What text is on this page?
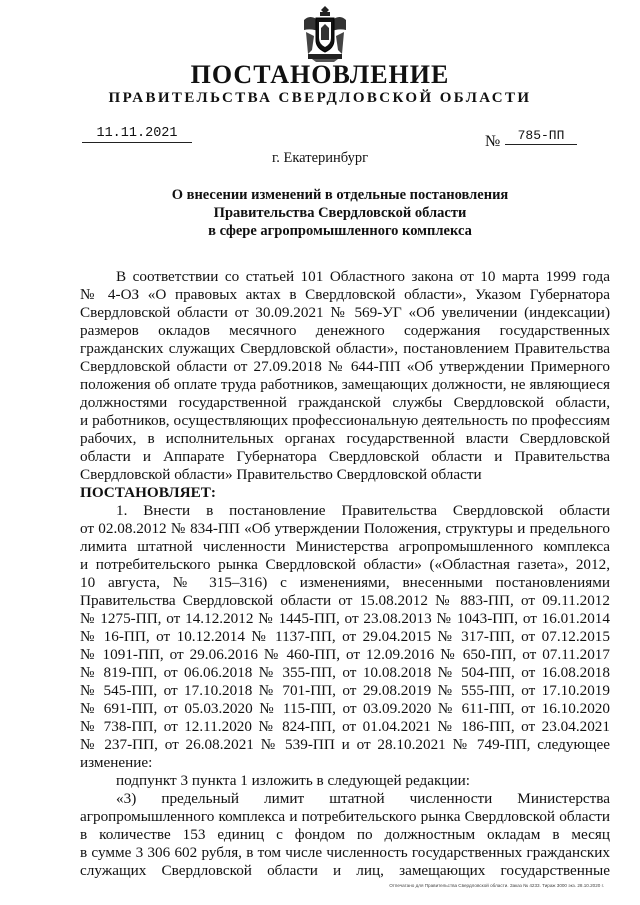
ПОСТАНОВЛЕНИЕ
ПРАВИТЕЛЬСТВА СВЕРДЛОВСКОЙ ОБЛАСТИ
11.11.2021	№	785-ПП
г. Екатеринбург
О внесении изменений в отдельные постановления
Правительства Свердловской области
в сфере агропромышленного комплекса
В соответствии со статьей 101 Областного закона от 10 марта 1999 года
№ 4-ОЗ «О правовых актах в Свердловской области», Указом Губернатора
Свердловской области от 30.09.2021 № 569-УГ «Об увеличении (индексации)
размеров окладов месячного денежного содержания государственных
гражданских служащих Свердловской области», постановлением Правительства
Свердловской области от 27.09.2018 № 644-ПП «Об утверждении Примерного
положения об оплате труда работников, замещающих должности, не являющиеся
должностями государственной гражданской службы Свердловской области,
и работников, осуществляющих профессиональную деятельность по профессиям
рабочих, в исполнительных органах государственной власти Свердловской
области и Аппарате Губернатора Свердловской области и Правительства
Свердловской области» Правительство Свердловской области
ПОСТАНОВЛЯЕТ:
1. Внести в постановление Правительства Свердловской области
от 02.08.2012 № 834-ПП «Об утверждении Положения, структуры и предельного
лимита штатной численности Министерства агропромышленного комплекса
и потребительского рынка Свердловской области» («Областная газета», 2012,
10 августа, № 315–316) с изменениями, внесенными постановлениями
Правительства Свердловской области от 15.08.2012 № 883-ПП, от 09.11.2012
№ 1275-ПП, от 14.12.2012 № 1445-ПП, от 23.08.2013 № 1043-ПП, от 16.01.2014
№ 16-ПП, от 10.12.2014 № 1137-ПП, от 29.04.2015 № 317-ПП, от 07.12.2015
№ 1091-ПП, от 29.06.2016 № 460-ПП, от 12.09.2016 № 650-ПП, от 07.11.2017
№ 819-ПП, от 06.06.2018 № 355-ПП, от 10.08.2018 № 504-ПП, от 16.08.2018
№ 545-ПП, от 17.10.2018 № 701-ПП, от 29.08.2019 № 555-ПП, от 17.10.2019
№ 691-ПП, от 05.03.2020 № 115-ПП, от 03.09.2020 № 611-ПП, от 16.10.2020
№ 738-ПП, от 12.11.2020 № 824-ПП, от 01.04.2021 № 186-ПП, от 23.04.2021
№ 237-ПП, от 26.08.2021 № 539-ПП и от 28.10.2021 № 749-ПП, следующее
изменение:
подпункт 3 пункта 1 изложить в следующей редакции:
«3) предельный лимит штатной численности Министерства
агропромышленного комплекса и потребительского рынка Свердловской области
в количестве 153 единиц с фондом по должностным окладам в месяц
в сумме 3 306 602 рубля, в том числе численность государственных гражданских
служащих Свердловской области и лиц, замещающих государственные
Отпечатано для Правительства Свердловской области. Заказ № 4233. Тираж 3000 экз. 28.10.2020 г.
